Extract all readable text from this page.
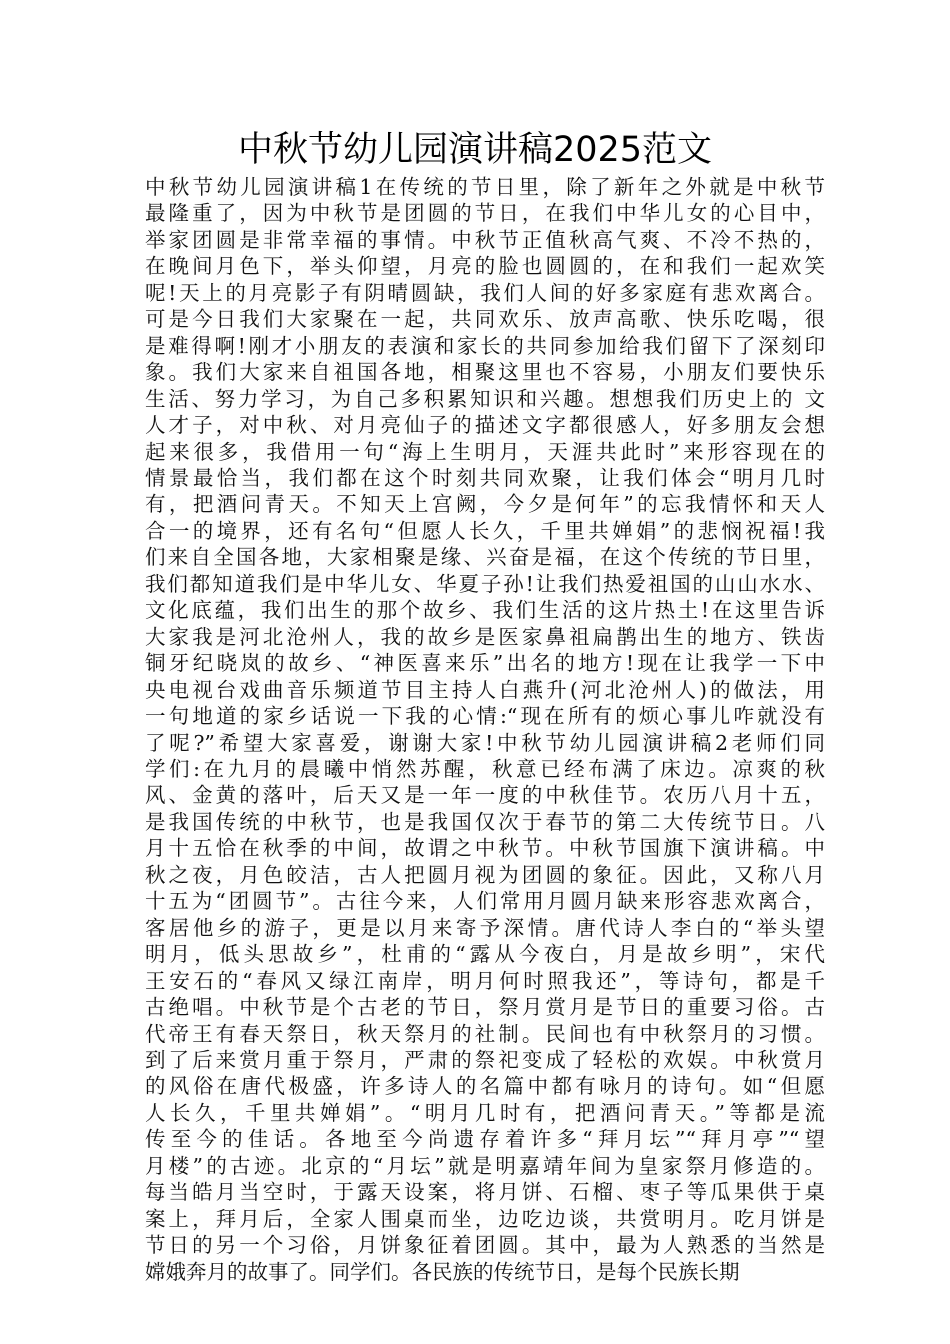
中秋节幼儿园演讲稿2025范文
中秋节幼儿园演讲稿1在传统的节日里，除了新年之外就是中秋节
最隆重了，因为中秋节是团圆的节日，在我们中华儿女的心目中，
举家团圆是非常幸福的事情。中秋节正值秋高气爽、不冷不热的，
在晚间月色下，举头仰望，月亮的脸也圆圆的，在和我们一起欢笑
呢!天上的月亮影子有阴晴圆缺，我们人间的好多家庭有悲欢离合。
可是今日我们大家聚在一起，共同欢乐、放声高歌、快乐吃喝，很
是难得啊!刚才小朋友的表演和家长的共同参加给我们留下了深刻印
象。我们大家来自祖国各地，相聚这里也不容易，小朋友们要快乐
生活、努力学习，为自己多积累知识和兴趣。想想我们历史上的 文
人才子，对中秋、对月亮仙子的描述文字都很感人，好多朋友会想
起来很多，我借用一句“海上生明月，天涯共此时”来形容现在的
情景最恰当，我们都在这个时刻共同欢聚，让我们体会“明月几时
有，把酒问青天。不知天上宫阙，今夕是何年”的忘我情怀和天人
合一的境界，还有名句“但愿人长久，千里共婵娟”的悲悯祝福!我
们来自全国各地，大家相聚是缘、兴奋是福，在这个传统的节日里，
我们都知道我们是中华儿女、华夏子孙!让我们热爱祖国的山山水水、
文化底蕴，我们出生的那个故乡、我们生活的这片热土!在这里告诉
大家我是河北沧州人，我的故乡是医家鼻祖扁鹊出生的地方、铁齿
铜牙纪晓岚的故乡、“神医喜来乐”出名的地方!现在让我学一下中
央电视台戏曲音乐频道节目主持人白燕升(河北沧州人)的做法，用
一句地道的家乡话说一下我的心情:“现在所有的烦心事儿咋就没有
了呢?”希望大家喜爱，谢谢大家!中秋节幼儿园演讲稿2老师们同
学们:在九月的晨曦中悄然苏醒，秋意已经布满了床边。凉爽的秋
风、金黄的落叶，后天又是一年一度的中秋佳节。农历八月十五，
是我国传统的中秋节，也是我国仅次于春节的第二大传统节日。八
月十五恰在秋季的中间，故谓之中秋节。中秋节国旗下演讲稿。中
秋之夜，月色皎洁，古人把圆月视为团圆的象征。因此，又称八月
十五为“团圆节”。古往今来，人们常用月圆月缺来形容悲欢离合，
客居他乡的游子，更是以月来寄予深情。唐代诗人李白的“举头望
明月，低头思故乡”，杜甫的“露从今夜白，月是故乡明”，宋代
王安石的“春风又绿江南岸，明月何时照我还”，等诗句，都是千
古绝唱。中秋节是个古老的节日，祭月赏月是节日的重要习俗。古
代帝王有春天祭日，秋天祭月的社制。民间也有中秋祭月的习惯。
到了后来赏月重于祭月，严肃的祭祀变成了轻松的欢娱。中秋赏月
的风俗在唐代极盛，许多诗人的名篇中都有咏月的诗句。如“但愿
人长久，千里共婵娟”。“明月几时有，把酒问青天。”等都是流
传至今的佳话。各地至今尚遗存着许多“拜月坛”“拜月亭”“望
月楼”的古迹。北京的“月坛”就是明嘉靖年间为皇家祭月修造的。
每当皓月当空时，于露天设案，将月饼、石榴、枣子等瓜果供于桌
案上，拜月后，全家人围桌而坐，边吃边谈，共赏明月。吃月饼是
节日的另一个习俗，月饼象征着团圆。其中，最为人熟悉的当然是
嫦娥奔月的故事了。同学们。各民族的传统节日，是每个民族长期
